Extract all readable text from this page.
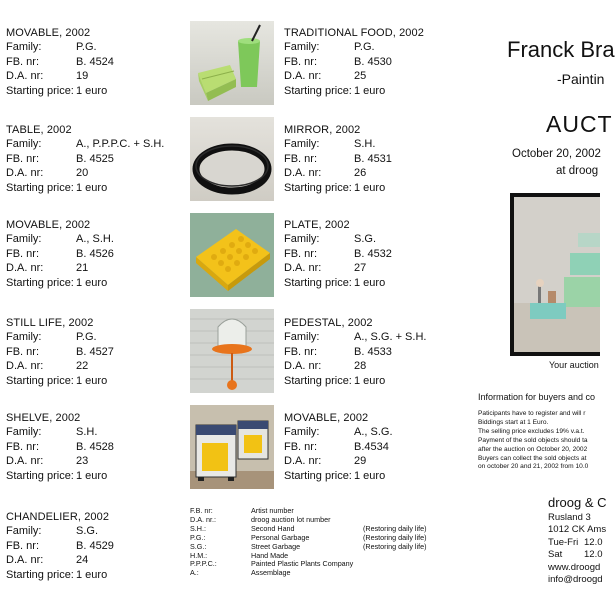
MOVABLE, 2002
Family:	P.G.
FB. nr:	B. 4524
D.A. nr:	19
Starting price: 1 euro
TABLE, 2002
Family:	A., P.P.P.C. + S.H.
FB. nr:	B. 4525
D.A. nr:	20
Starting price: 1 euro
MOVABLE, 2002
Family:	A., S.H.
FB. nr:	B. 4526
D.A. nr:	21
Starting price: 1 euro
STILL LIFE, 2002
Family:	P.G.
FB. nr:	B. 4527
D.A. nr:	22
Starting price: 1 euro
SHELVE, 2002
Family:	S.H.
FB. nr:	B. 4528
D.A. nr:	23
Starting price: 1 euro
CHANDELIER, 2002
Family:	S.G.
FB. nr:	B. 4529
D.A. nr:	24
Starting price: 1 euro
TRADITIONAL FOOD, 2002
Family:	P.G.
FB. nr:	B. 4530
D.A. nr:	25
Starting price: 1 euro
MIRROR, 2002
Family:	S.H.
FB. nr:	B. 4531
D.A. nr:	26
Starting price: 1 euro
PLATE, 2002
Family:	S.G.
FB. nr:	B. 4532
D.A. nr:	27
Starting price: 1 euro
PEDESTAL, 2002
Family:	A., S.G. + S.H.
FB. nr:	B. 4533
D.A. nr:	28
Starting price: 1 euro
MOVABLE, 2002
Family:	A., S.G.
FB. nr:	B.4534
D.A. nr:	29
Starting price: 1 euro
F.B. nr:	Artist number
D.A. nr.:	droog auction lot number
S.H.:	Second Hand	(Restoring daily life)
P.G.:	Personal Garbage	(Restoring daily life)
S.G.:	Street Garbage	(Restoring daily life)
H.M.:	Hand Made
P.P.P.C.:	Painted Plastic Plants Company
A.:	Assemblage
Franck Bra
-Paintin
AUCT
October 20, 2002
at droog
Your auction
Information for buyers and co
Paticipants have to register and will r
Biddings start at 1 Euro.
The selling price excludes 19% v.a.t.
Payment of the sold objects should ta
after the auction on October 20, 2002
Buyers can collect the sold objects at
on october 20 and 21, 2002 from 10.0
droog & C
Rusland 3
1012 CK Ams
Tue-Fri 12.0
Sat	12.0
www.droogd
info@droogd
